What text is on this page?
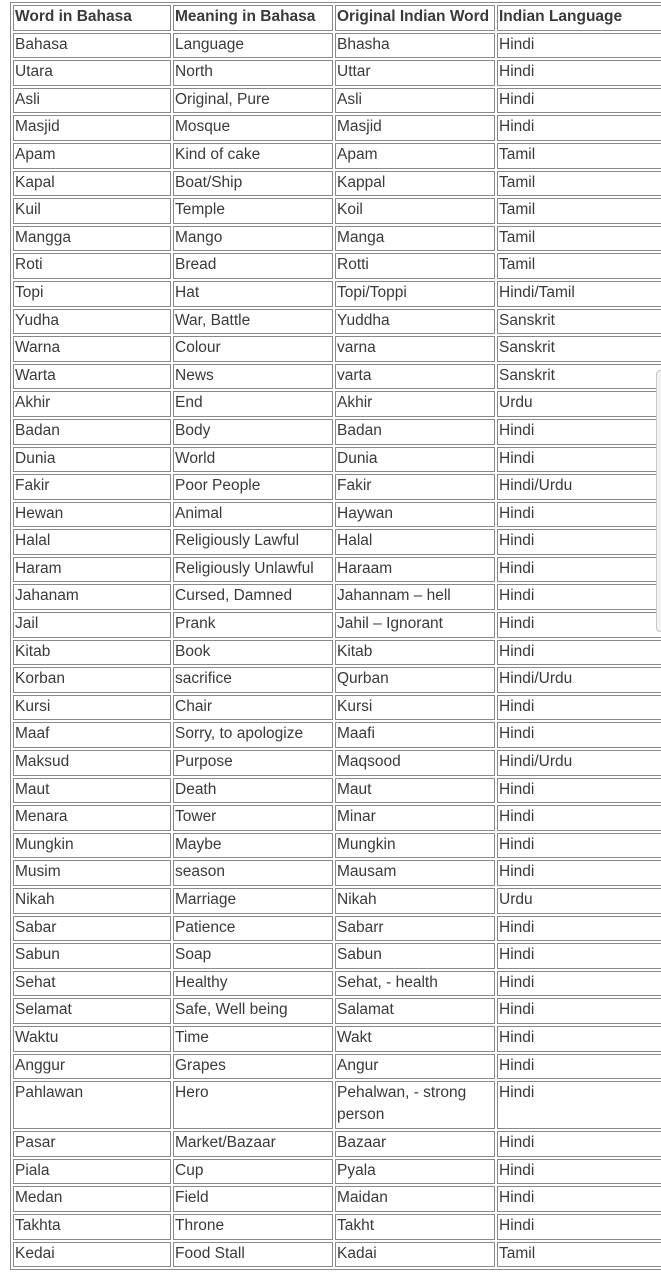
Word in Bahasa	Meaning in Bahasa	Original Indian Word	Indian Language
Bahasa	Language	Bhasha	Hindi
Utara	North	Uttar	Hindi
Asli	Original, Pure	Asli	Hindi
Masjid	Mosque	Masjid	Hindi
Apam	Kind of cake	Apam	Tamil
Kapal	Boat/Ship	Kappal	Tamil
Kuil	Temple	Koil	Tamil
Mangga	Mango	Manga	Tamil
Roti	Bread	Rotti	Tamil
Topi	Hat	Topi/Toppi	Hindi/Tamil
Yudha	War, Battle	Yuddha	Sanskrit
Warna	Colour	varna	Sanskrit
Warta	News	varta	Sanskrit
Akhir	End	Akhir	Urdu
Badan	Body	Badan	Hindi
Dunia	World	Dunia	Hindi
Fakir	Poor People	Fakir	Hindi/Urdu
Hewan	Animal	Haywan	Hindi
Halal	Religiously Lawful	Halal	Hindi
Haram	Religiously Unlawful	Haraam	Hindi
Jahanam	Cursed, Damned	Jahannam – hell	Hindi
Jail	Prank	Jahil – Ignorant	Hindi
Kitab	Book	Kitab	Hindi
Korban	sacrifice	Qurban	Hindi/Urdu
Kursi	Chair	Kursi	Hindi
Maaf	Sorry, to apologize	Maafi	Hindi
Maksud	Purpose	Maqsood	Hindi/Urdu
Maut	Death	Maut	Hindi
Menara	Tower	Minar	Hindi
Mungkin	Maybe	Mungkin	Hindi
Musim	season	Mausam	Hindi
Nikah	Marriage	Nikah	Urdu
Sabar	Patience	Sabarr	Hindi
Sabun	Soap	Sabun	Hindi
Sehat	Healthy	Sehat, - health	Hindi
Selamat	Safe, Well being	Salamat	Hindi
Waktu	Time	Wakt	Hindi
Anggur	Grapes	Angur	Hindi
Pahlawan	Hero	Pehalwan, - strong person	Hindi
Pasar	Market/Bazaar	Bazaar	Hindi
Piala	Cup	Pyala	Hindi
Medan	Field	Maidan	Hindi
Takhta	Throne	Takht	Hindi
Kedai	Food Stall	Kadai	Tamil
